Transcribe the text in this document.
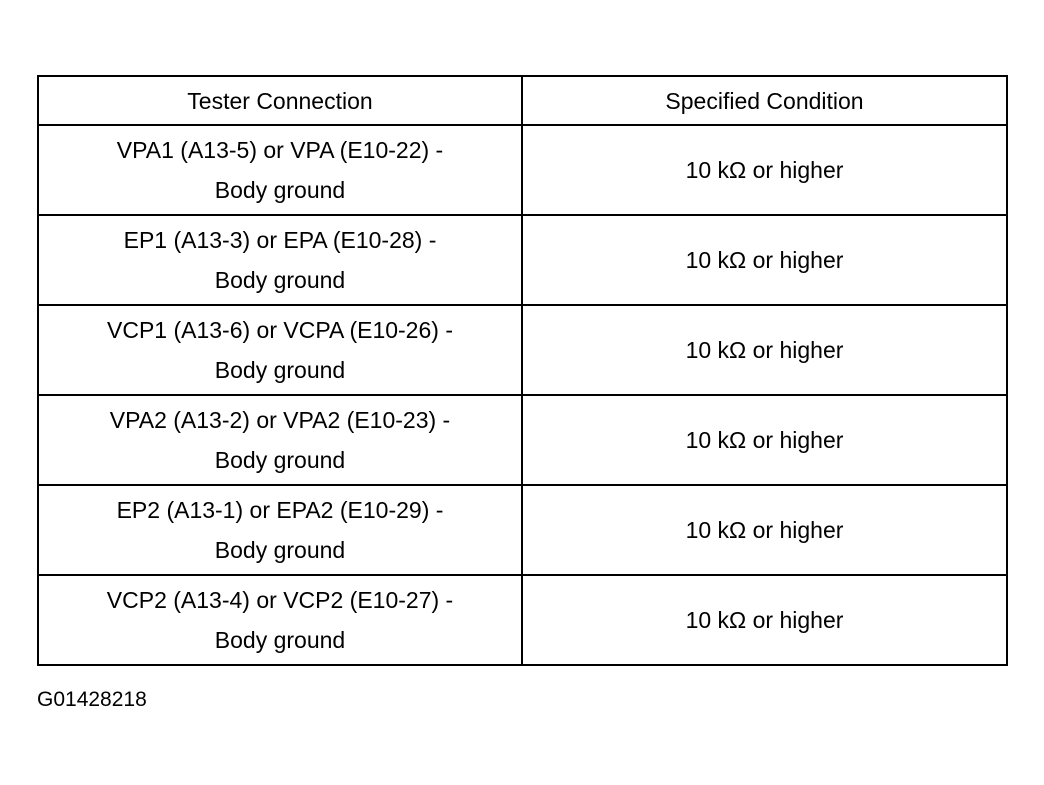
Tester Connection	Specified Condition

VPA1 (A13-5) or VPA (E10-22) -
Body ground	10 kΩ or higher

EP1 (A13-3) or EPA (E10-28) -
Body ground	10 kΩ or higher

VCP1 (A13-6) or VCPA (E10-26) -
Body ground	10 kΩ or higher

VPA2 (A13-2) or VPA2 (E10-23) -
Body ground	10 kΩ or higher

EP2 (A13-1) or EPA2 (E10-29) -
Body ground	10 kΩ or higher

VCP2 (A13-4) or VCP2 (E10-27) -
Body ground	10 kΩ or higher
G01428218
